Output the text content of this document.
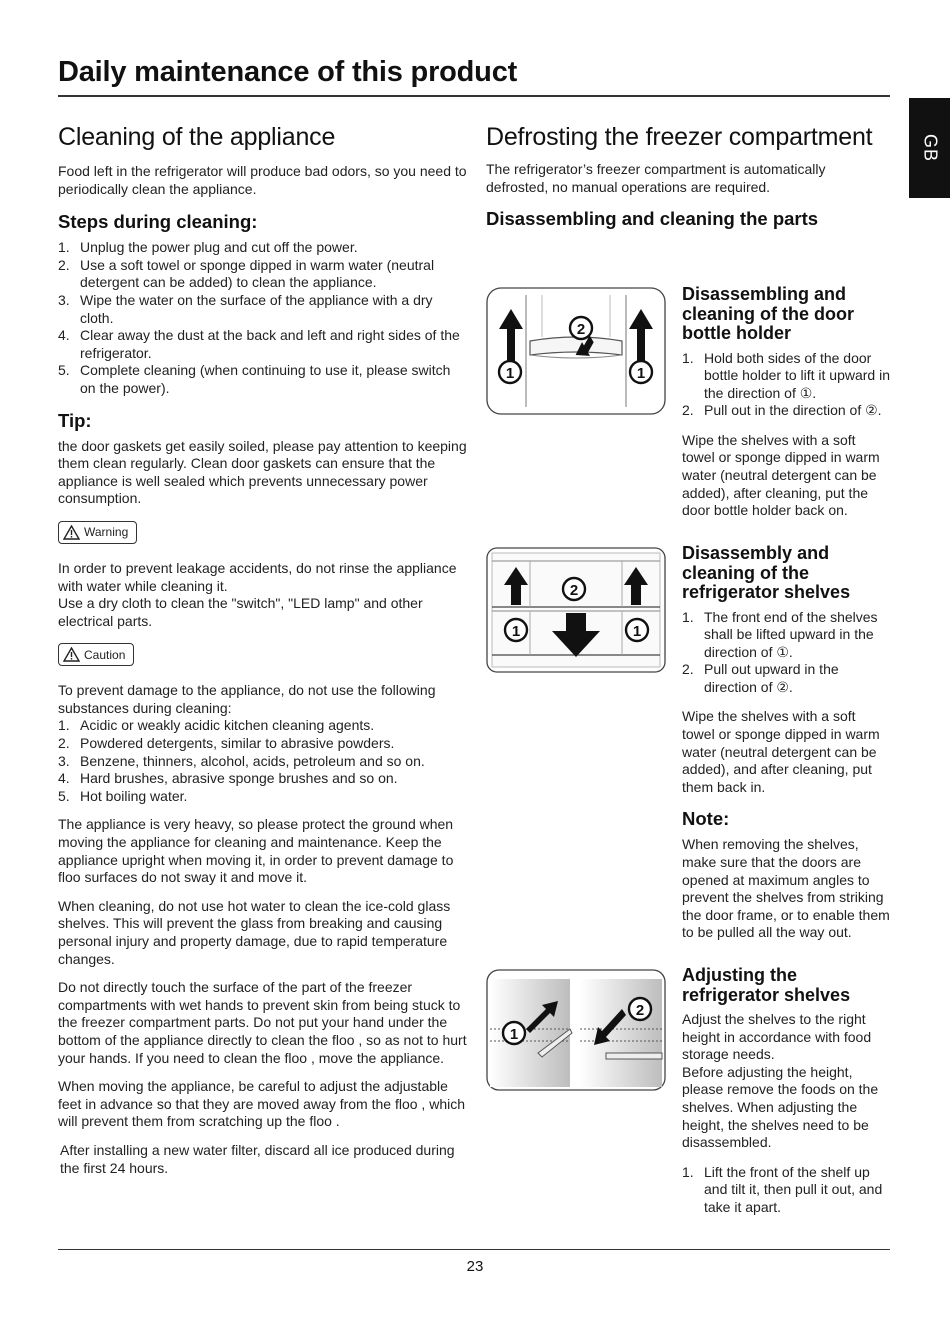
Daily maintenance of this product
GB
Cleaning of the appliance

Food left in the refrigerator will produce bad odors, so you need to periodically clean the appliance.

Steps during cleaning:
1. Unplug the power plug and cut off the power.
2. Use a soft towel or sponge dipped in warm water (neutral detergent can be added) to clean the appliance.
3. Wipe the water on the surface of the appliance with a dry cloth.
4. Clear away the dust at the back and left and right sides of the refrigerator.
5. Complete cleaning (when continuing to use it, please switch on the power).
Tip:

the door gaskets get easily soiled, please pay attention to keeping them clean regularly. Clean door gaskets can ensure that the appliance is well sealed which prevents unnecessary power consumption.

Warning

In order to prevent leakage accidents, do not rinse the appliance with water while cleaning it.

Use a dry cloth to clean the "switch", "LED lamp" and other electrical parts.

Caution

To prevent damage to the appliance, do not use the following substances during cleaning:

1. Acidic or weakly acidic kitchen cleaning agents.
2. Powdered detergents, similar to abrasive powders.
3. Benzene, thinners, alcohol, acids, petroleum and so on.
4. Hard brushes, abrasive sponge brushes and so on.
5. Hot boiling water.

The appliance is very heavy, so please protect the ground when moving the appliance for cleaning and maintenance. Keep the appliance upright when moving it, in order to prevent damage to floo surfaces do not sway it and move it.

When cleaning, do not use hot water to clean the ice-cold glass shelves. This will prevent the glass from breaking and causing personal injury and property damage, due to rapid temperature changes.

Do not directly touch the surface of the part of the freezer compartments with wet hands to prevent skin from being stuck to the freezer compartment parts. Do not put your hand under the bottom of the appliance directly to clean the floo , so as not to hurt your hands. If you need to clean the floo , move the appliance.

When moving the appliance, be careful to adjust the adjustable feet in advance so that they are moved away from the floo , which will prevent them from scratching up the floo .

After installing a new water filter, discard all ice produced during the first 24 hours.

Defrosting the freezer compartment

The refrigerator’s freezer compartment is automatically defrosted, no manual operations are required.

Disassembling and cleaning the parts
2
1	1
Disassembling and cleaning of the door bottle holder
1. Hold both sides of the door bottle holder to lift it upward in the direction of ①.
2. Pull out in the direction of ②.

Wipe the shelves with a soft towel or sponge dipped in warm water (neutral detergent can be added), after cleaning, put the door bottle holder back on.

2
1	1
Disassembly and cleaning of the refrigerator shelves
1. The front end of the shelves shall be lifted upward in the direction of ①.
2. Pull out upward in the direction of ②.

Wipe the shelves with a soft towel or sponge dipped in warm water (neutral detergent can be added), and after cleaning, put them back in.

Note:

When removing the shelves, make sure that the doors are opened at maximum angles to prevent the shelves from striking the door frame, or to enable them to be pulled all the way out.

1
2
Adjusting the refrigerator shelves

Adjust the shelves to the right height in accordance with food storage needs.

Before adjusting the height, please remove the foods on the shelves. When adjusting the height, the shelves need to be disassembled.

1. Lift the front of the shelf up and tilt it, then pull it out, and take it apart.
23
